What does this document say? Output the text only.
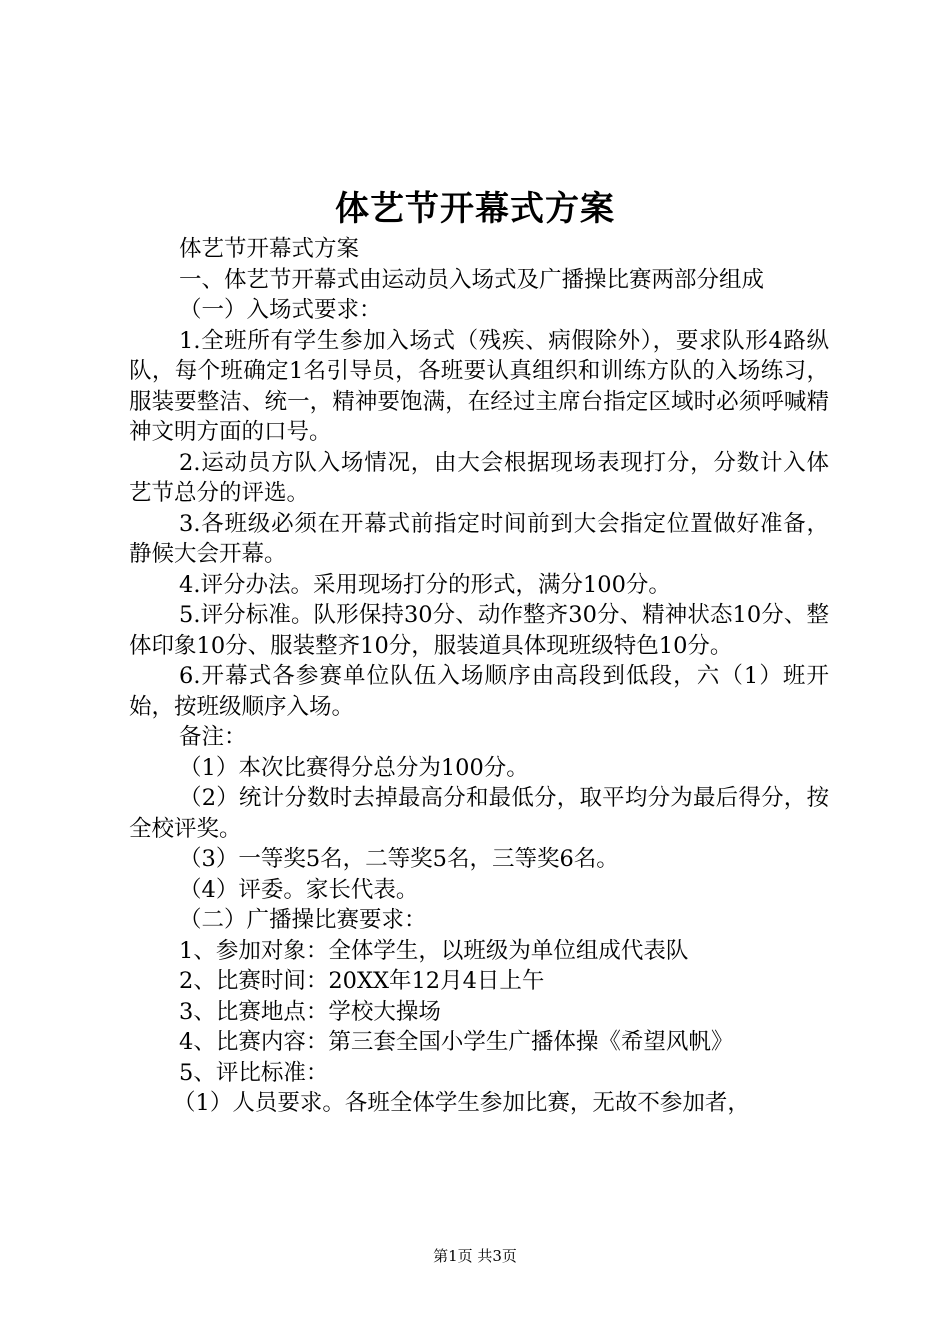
体艺节开幕式方案

体艺节开幕式方案

一、体艺节开幕式由运动员入场式及广播操比赛两部分组成

（一）入场式要求：

1.全班所有学生参加入场式（残疾、病假除外），要求队形4路纵队，每个班确定1名引导员，各班要认真组织和训练方队的入场练习，服装要整洁、统一，精神要饱满，在经过主席台指定区域时必须呼喊精神文明方面的口号。

2.运动员方队入场情况，由大会根据现场表现打分，分数计入体艺节总分的评选。

3.各班级必须在开幕式前指定时间前到大会指定位置做好准备，静候大会开幕。

4.评分办法。采用现场打分的形式，满分100分。

5.评分标准。队形保持30分、动作整齐30分、精神状态10分、整体印象10分、服装整齐10分，服装道具体现班级特色10分。

6.开幕式各参赛单位队伍入场顺序由高段到低段，六（1）班开始，按班级顺序入场。

备注：

（1）本次比赛得分总分为100分。

（2）统计分数时去掉最高分和最低分，取平均分为最后得分，按全校评奖。

（3）一等奖5名，二等奖5名，三等奖6名。

（4）评委。家长代表。

（二）广播操比赛要求：

1、参加对象：全体学生，以班级为单位组成代表队

2、比赛时间：20XX年12月4日上午

3、比赛地点：学校大操场

4、比赛内容：第三套全国小学生广播体操《希望风帆》

5、评比标准：

（1）人员要求。各班全体学生参加比赛，无故不参加者，

第1页 共3页
